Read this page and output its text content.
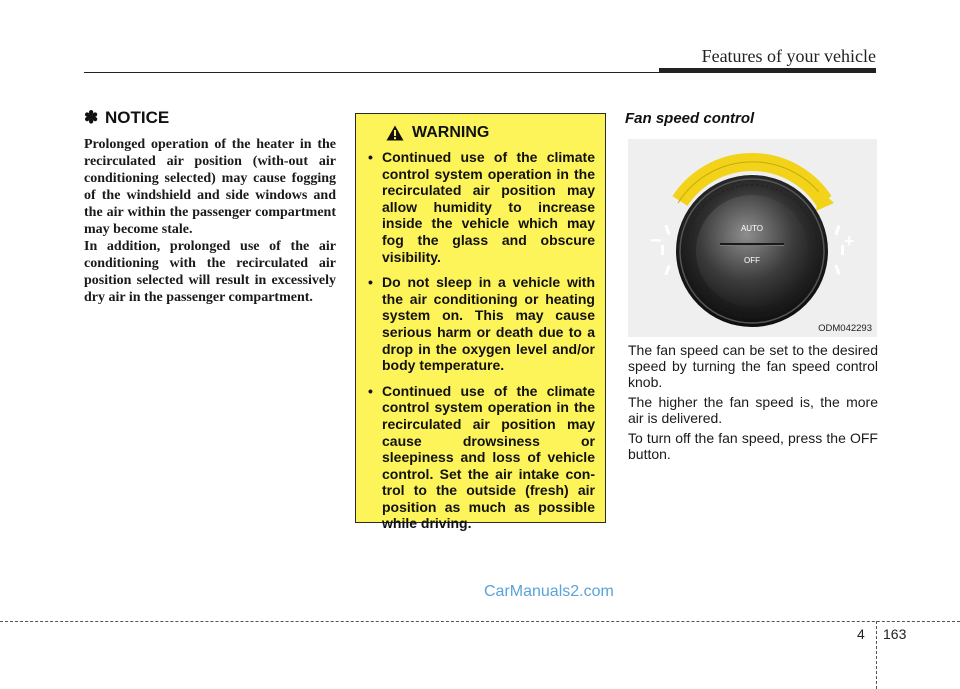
Features of your vehicle
✽ NOTICE

Prolonged operation of the heater in the recirculated air position (with-out air conditioning selected) may cause fogging of the windshield and side windows and the air within the passenger compartment may become stale.

In addition, prolonged use of the air conditioning with the recirculated air position selected will result in excessively dry air in the passenger compartment.

WARNING
• Continued use of the climate control system operation in the recirculated air position may allow humidity to increase inside the vehicle which may fog the glass and obscure visibility.
• Do not sleep in a vehicle with the air conditioning or heating system on. This may cause serious harm or death due to a drop in the oxygen level and/or body temperature.
• Continued use of the climate control system operation in the recirculated air position may cause drowsiness or sleepiness and loss of vehicle control. Set the air intake con-trol to the outside (fresh) air position as much as possible while driving.
Fan speed control
AUTO
OFF
−	+
ODM042293

The fan speed can be set to the desired speed by turning the fan speed control knob.

The higher the fan speed is, the more air is delivered.

To turn off the fan speed, press the OFF button.

CarManuals2.com
4 163
